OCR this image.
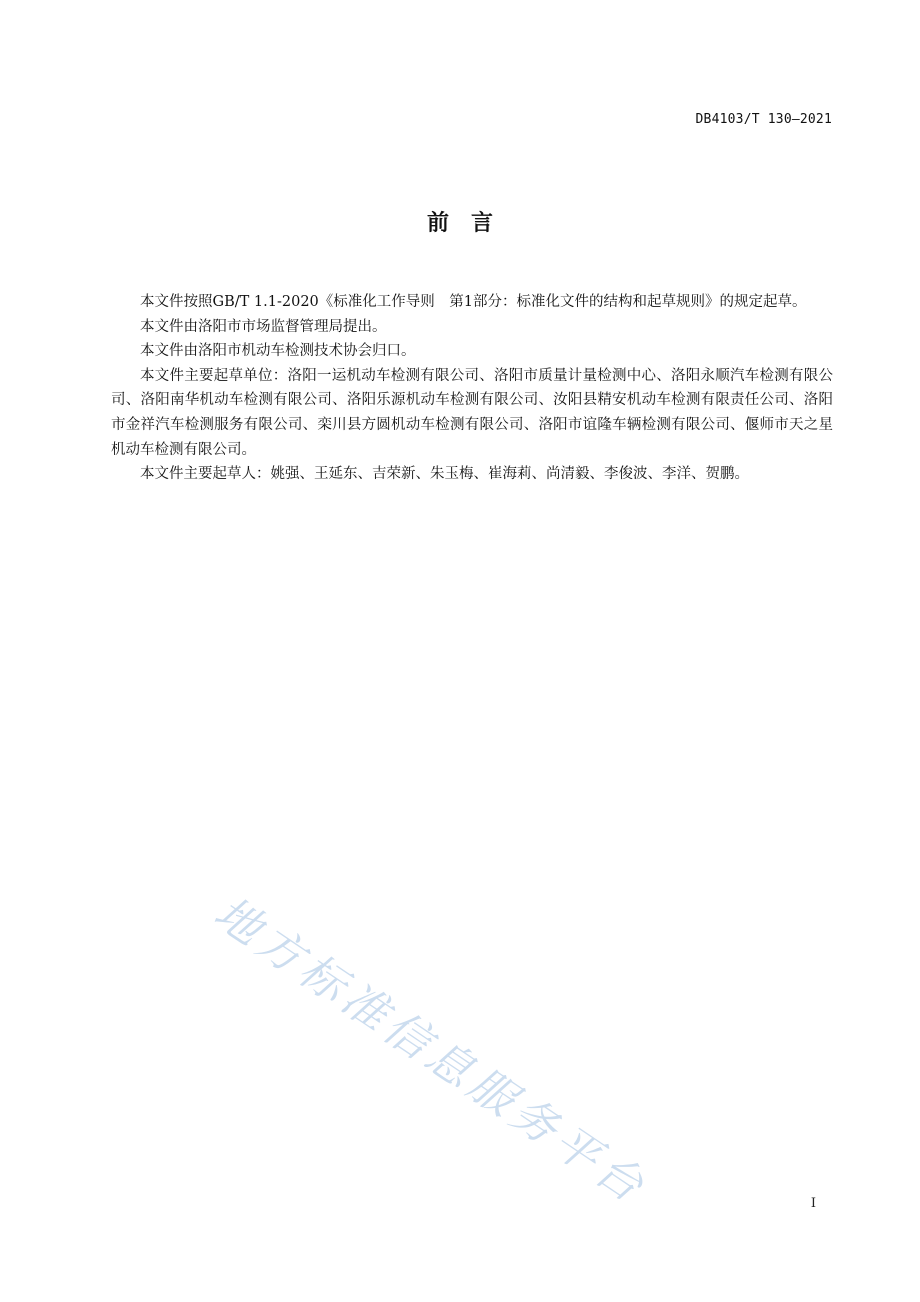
DB4103/T 130—2021
前言

本文件按照GB/T 1.1-2020《标准化工作导则　第1部分：标准化文件的结构和起草规则》的规定起草。

本文件由洛阳市市场监督管理局提出。

本文件由洛阳市机动车检测技术协会归口。

本文件主要起草单位：洛阳一运机动车检测有限公司、洛阳市质量计量检测中心、洛阳永顺汽车检测有限公司、洛阳南华机动车检测有限公司、洛阳乐源机动车检测有限公司、汝阳县精安机动车检测有限责任公司、洛阳市金祥汽车检测服务有限公司、栾川县方圆机动车检测有限公司、洛阳市谊隆车辆检测有限公司、偃师市天之星机动车检测有限公司。

本文件主要起草人：姚强、王延东、吉荣新、朱玉梅、崔海莉、尚清毅、李俊波、李洋、贺鹏。

地方标准信息服务平台	I
